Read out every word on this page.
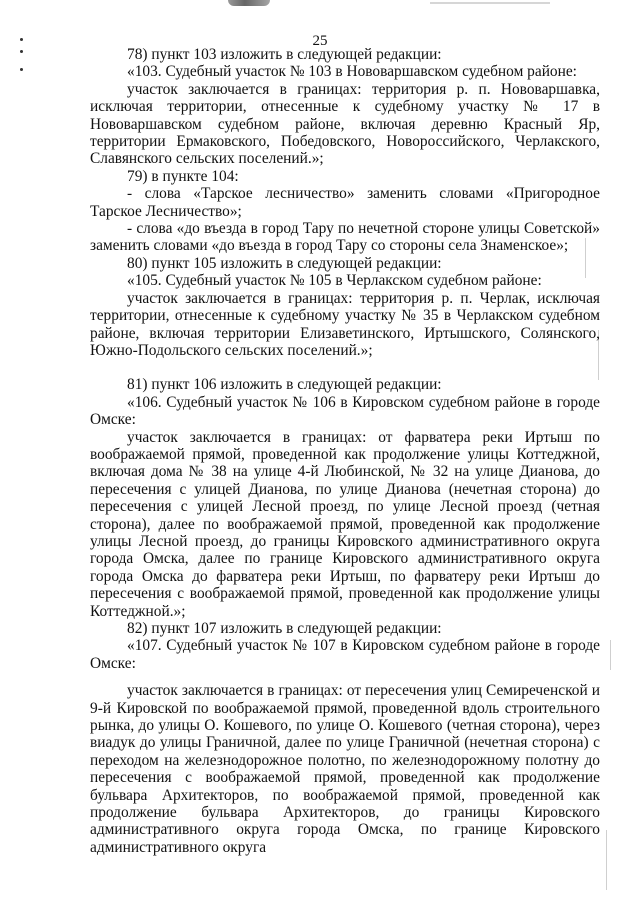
25

78) пункт 103 изложить в следующей редакции:

«103. Судебный участок № 103 в Нововаршавском судебном районе:

участок заключается в границах: территория р. п. Нововаршавка, исключая территории, отнесенные к судебному участку № 17 в Нововаршавском судебном районе, включая деревню Красный Яр, территории Ермаковского, Победовского, Новороссийского, Черлакского, Славянского сельских поселений.»;

79) в пункте 104:

- слова «Тарское лесничество» заменить словами «Пригородное Тарское Лесничество»;

- слова «до въезда в город Тару по нечетной стороне улицы Советской» заменить словами «до въезда в город Тару со стороны села Знаменское»;

80) пункт 105 изложить в следующей редакции:

«105. Судебный участок № 105 в Черлакском судебном районе:

участок заключается в границах: территория р. п. Черлак, исключая территории, отнесенные к судебному участку № 35 в Черлакском судебном районе, включая территории Елизаветинского, Иртышского, Солянского, Южно-Подольского сельских поселений.»;

81) пункт 106 изложить в следующей редакции:

«106. Судебный участок № 106 в Кировском судебном районе в городе Омске:

участок заключается в границах: от фарватера реки Иртыш по воображаемой прямой, проведенной как продолжение улицы Коттеджной, включая дома № 38 на улице 4-й Любинской, № 32 на улице Дианова, до пересечения с улицей Дианова, по улице Дианова (нечетная сторона) до пересечения с улицей Лесной проезд, по улице Лесной проезд (четная сторона), далее по воображаемой прямой, проведенной как продолжение улицы Лесной проезд, до границы Кировского административного округа города Омска, далее по границе Кировского административного округа города Омска до фарватера реки Иртыш, по фарватеру реки Иртыш до пересечения с воображаемой прямой, проведенной как продолжение улицы Коттеджной.»;

82) пункт 107 изложить в следующей редакции:

«107. Судебный участок № 107 в Кировском судебном районе в городе Омске:

участок заключается в границах: от пересечения улиц Семиреченской и 9-й Кировской по воображаемой прямой, проведенной вдоль строительного рынка, до улицы О. Кошевого, по улице О. Кошевого (четная сторона), через виадук до улицы Граничной, далее по улице Граничной (нечетная сторона) с переходом на железнодорожное полотно, по железнодорожному полотну до пересечения с воображаемой прямой, проведенной как продолжение бульвара Архитекторов, по воображаемой прямой, проведенной как продолжение бульвара Архитекторов, до границы Кировского административного округа города Омска, по границе Кировского административного округа
